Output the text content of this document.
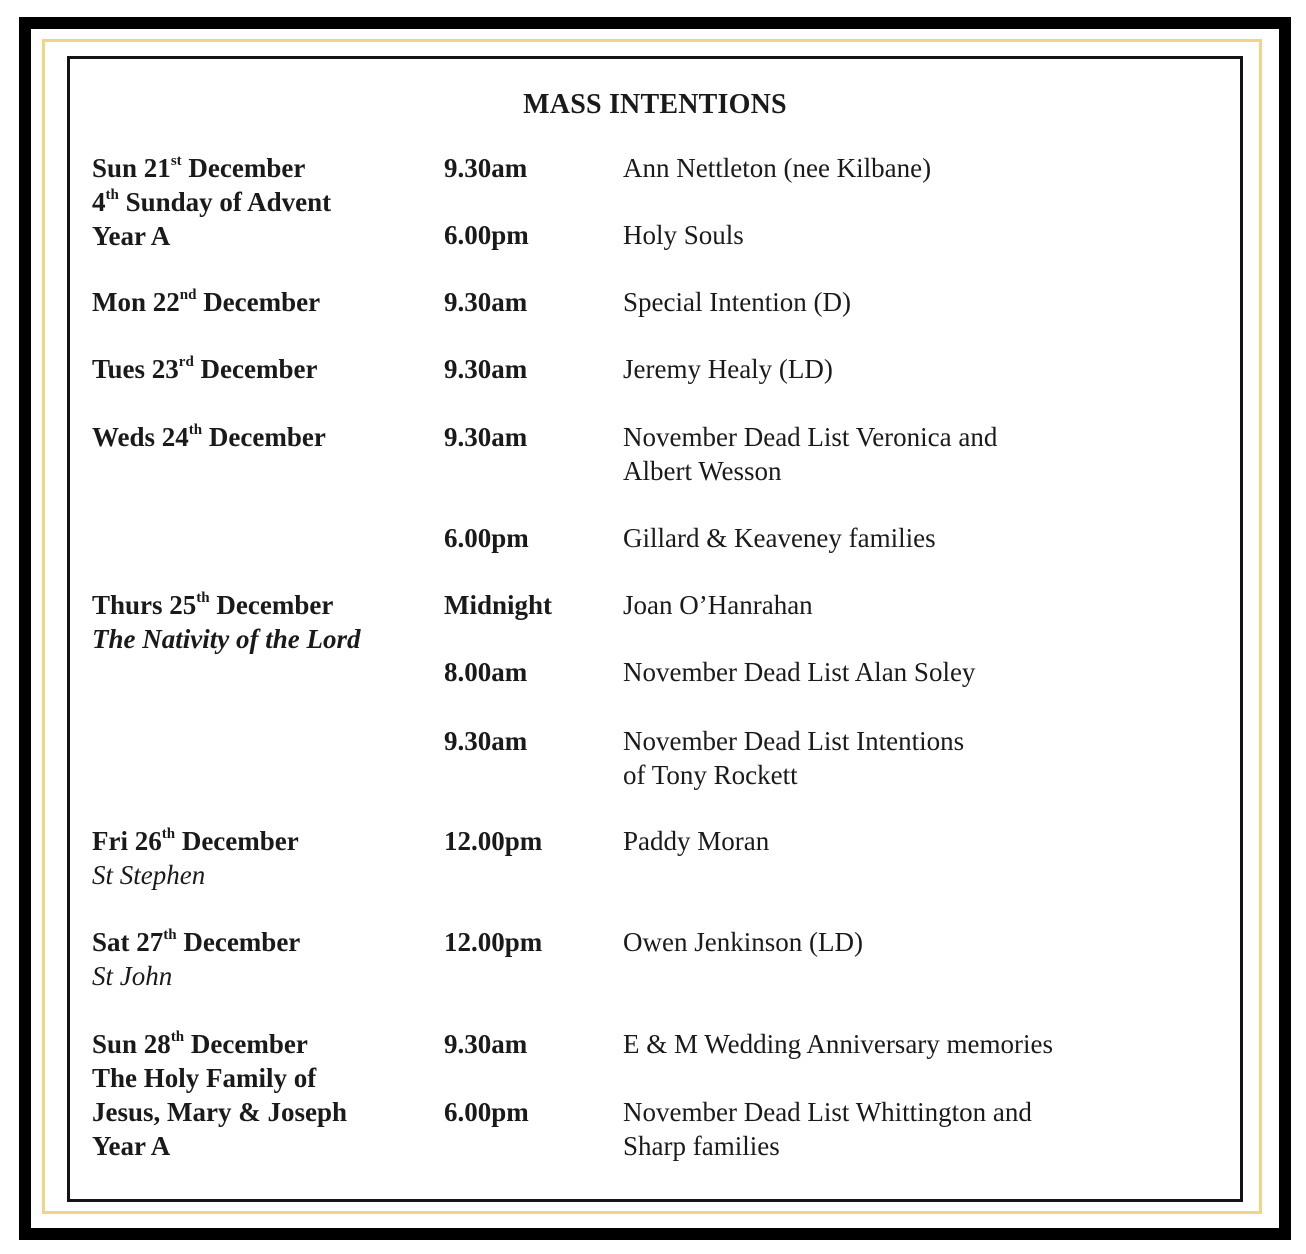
MASS INTENTIONS
Sun 21st December
4th Sunday of Advent
Year A
9.30am	Ann Nettleton (nee Kilbane)
6.00pm	Holy Souls
Mon 22nd December	9.30am	Special Intention (D)
Tues 23rd December	9.30am	Jeremy Healy (LD)
Weds 24th December	9.30am	November Dead List Veronica and
Albert Wesson
6.00pm	Gillard & Keaveney families
Thurs 25th December
The Nativity of the Lord
Midnight	Joan O’Hanrahan
8.00am	November Dead List Alan Soley
9.30am	November Dead List Intentions
of Tony Rockett
Fri 26th December
St Stephen
12.00pm	Paddy Moran
Sat 27th December
St John
12.00pm	Owen Jenkinson (LD)
Sun 28th December
The Holy Family of
Jesus, Mary & Joseph
Year A
9.30am	E & M Wedding Anniversary memories
6.00pm	November Dead List Whittington and
Sharp families
